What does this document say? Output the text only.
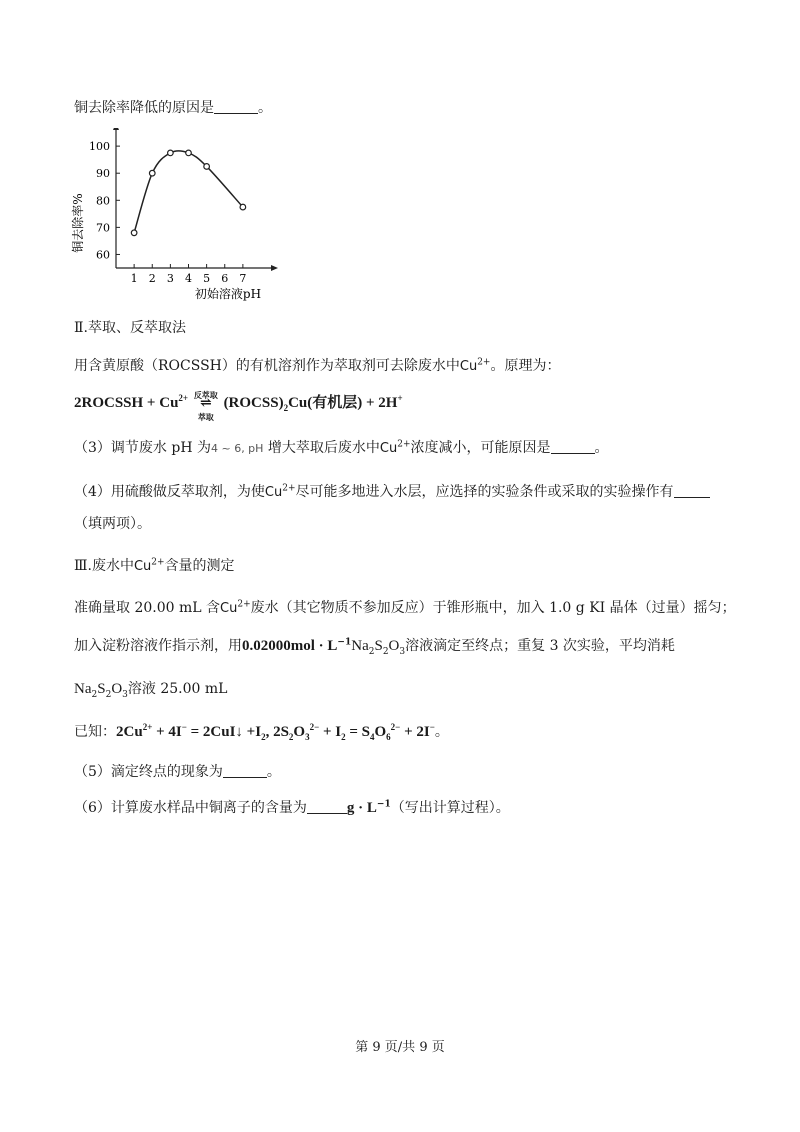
铜去除率降低的原因是	。
1 2 3 4 5 6 7
60
70
80
90
100
铜去除率%
初始溶液pH
Ⅱ.萃取、反萃取法
用含黄原酸（ROCSSH）的有机溶剂作为萃取剂可去除废水中$Cu^{2+}$。原理为：
2ROCSSH + $Cu^{2+}$ 反萃取
⇌
萃取
$(ROCSS)_2Cu$(有机层) + 2H+
（3）调节废水 pH 为4 ~ 6, pH 增大萃取后废水中$Cu^{2+}$浓度减小，可能原因是	。
（4）用硫酸做反萃取剂，为使$Cu^{2+}$尽可能多地进入水层，应选择的实验条件或采取的实验操作有
（填两项）。
Ⅲ.废水中$Cu^{2+}$含量的测定
准确量取 20.00 mL 含$Cu^{2+}$废水（其它物质不参加反应）于锥形瓶中，加入 1.0 g KI 晶体（过量）摇匀；
加入淀粉溶液作指示剂，用$0.02000mol \cdot L^{-1}Na_2S_2O_3$溶液滴定至终点；重复 3 次实验，平均消耗
$Na_2S_2O_3$溶液 25.00 mL
已知：$2Cu^{2+} + 4I^-$ = 2CuI↓ $+I_2$, $2S_2O_3^{2-} + I_2 = S_4O_6^{2-} + 2I^-$。
（5）滴定终点的现象为	。
（6）计算废水样品中铜离子的含量为	$g \cdot L^{-1}$（写出计算过程）。
第 9 页/共 9 页
